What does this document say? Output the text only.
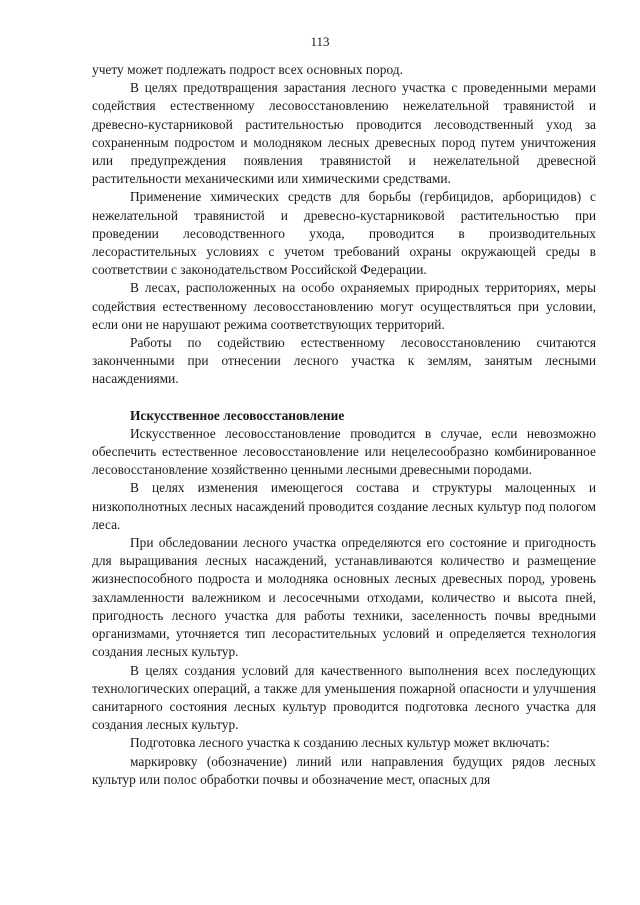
113

учету может подлежать подрост всех основных пород.

В целях предотвращения зарастания лесного участка с проведенными мерами содействия естественному лесовосстановлению нежелательной травянистой и древесно-кустарниковой растительностью проводится лесоводственный уход за сохраненным подростом и молодняком лесных древесных пород путем уничтожения или предупреждения появления травянистой и нежелательной древесной растительности механическими или химическими средствами.

Применение химических средств для борьбы (гербицидов, арборицидов) с нежелательной травянистой и древесно-кустарниковой растительностью при проведении лесоводственного ухода, проводится в производительных лесорастительных условиях с учетом требований охраны окружающей среды в соответствии с законодательством Российской Федерации.

В лесах, расположенных на особо охраняемых природных территориях, меры содействия естественному лесовосстановлению могут осуществляться при условии, если они не нарушают режима соответствующих территорий.

Работы по содействию естественному лесовосстановлению считаются законченными при отнесении лесного участка к землям, занятым лесными насаждениями.

Искусственное лесовосстановление

Искусственное лесовосстановление проводится в случае, если невозможно обеспечить естественное лесовосстановление или нецелесообразно комбинированное лесовосстановление хозяйственно ценными лесными древесными породами.

В целях изменения имеющегося состава и структуры малоценных и низкополнотных лесных насаждений проводится создание лесных культур под пологом леса.

При обследовании лесного участка определяются его состояние и пригодность для выращивания лесных насаждений, устанавливаются количество и размещение жизнеспособного подроста и молодняка основных лесных древесных пород, уровень захламленности валежником и лесосечными отходами, количество и высота пней, пригодность лесного участка для работы техники, заселенность почвы вредными организмами, уточняется тип лесорастительных условий и определяется технология создания лесных культур.

В целях создания условий для качественного выполнения всех последующих технологических операций, а также для уменьшения пожарной опасности и улучшения санитарного состояния лесных культур проводится подготовка лесного участка для создания лесных культур.

Подготовка лесного участка к созданию лесных культур может включать:

маркировку (обозначение) линий или направления будущих рядов лесных культур или полос обработки почвы и обозначение мест, опасных для
